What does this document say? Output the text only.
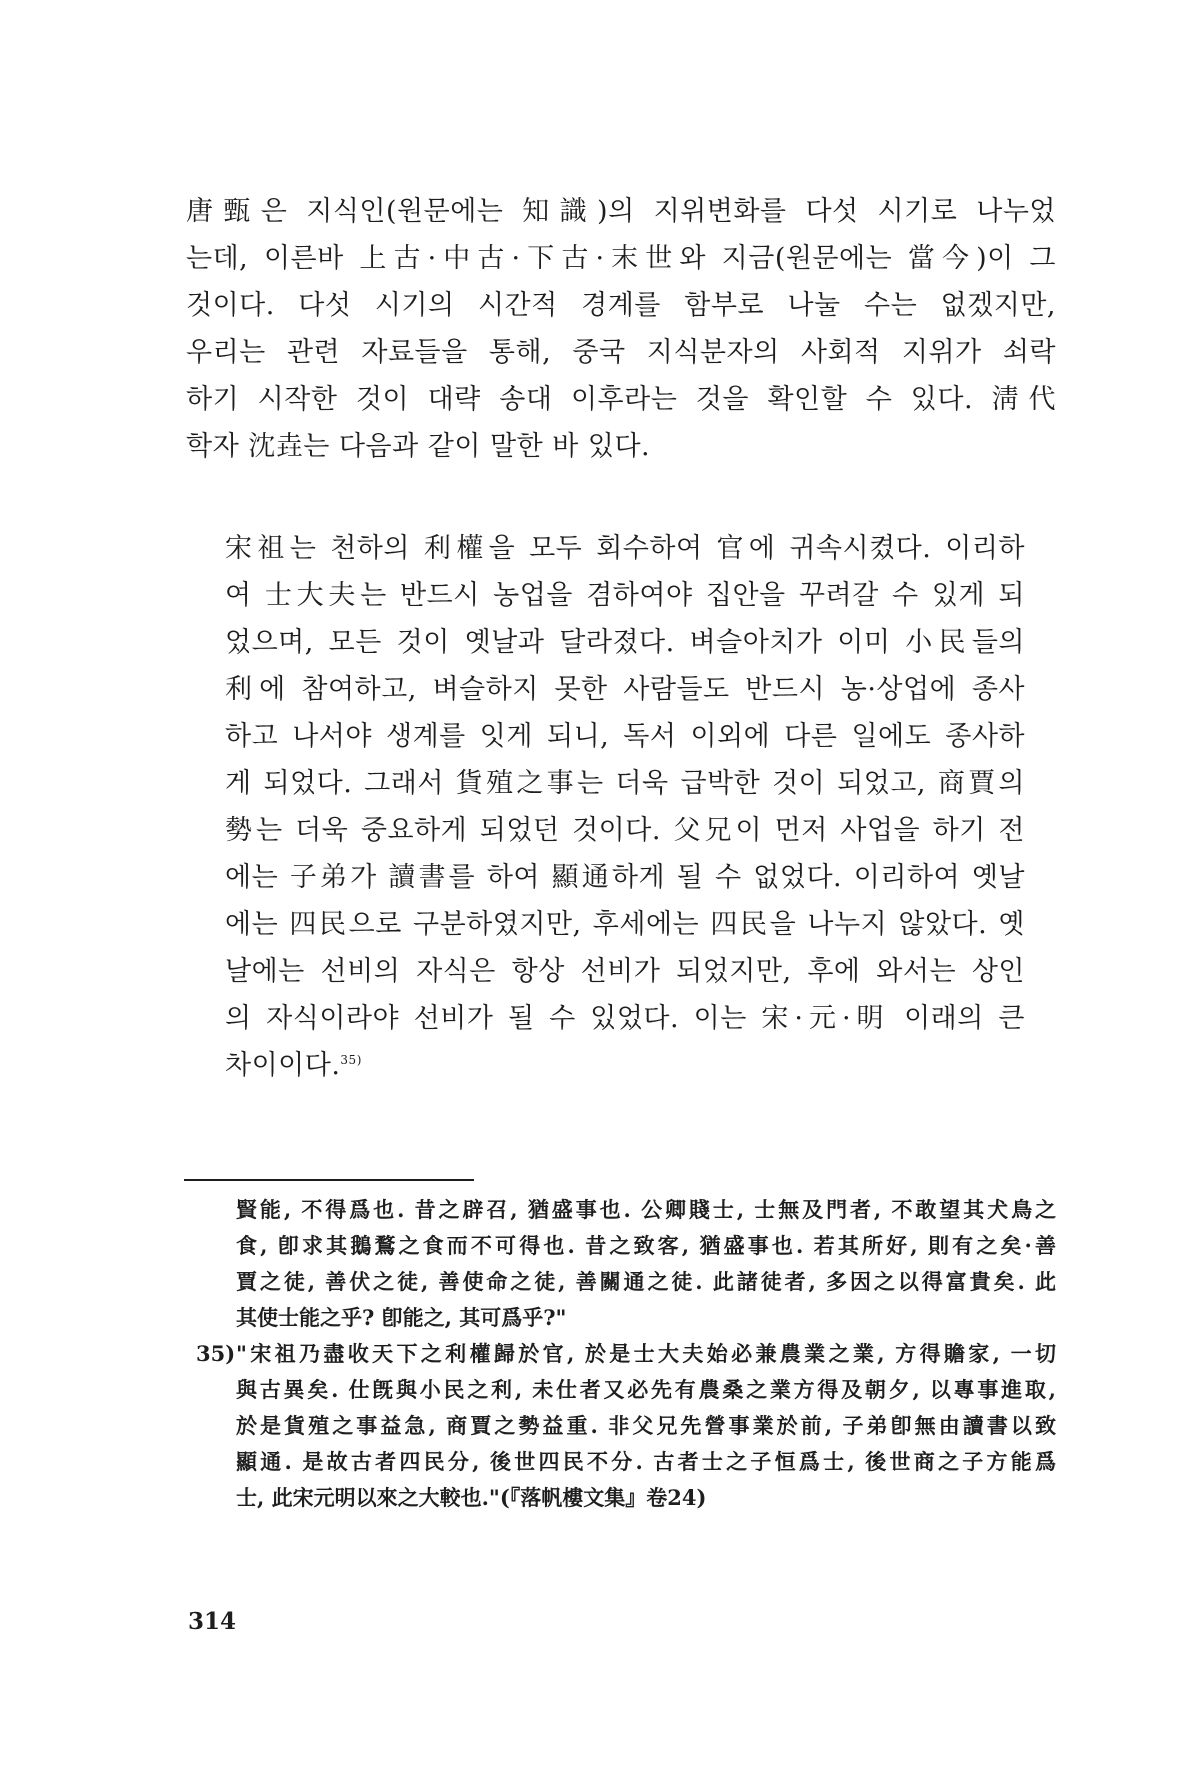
唐甄은 지식인(원문에는 知識)의 지위변화를 다섯 시기로 나누었
는데, 이른바 上古·中古·下古·末世와 지금(원문에는 當今)이 그
것이다. 다섯 시기의 시간적 경계를 함부로 나눌 수는 없겠지만,
우리는 관련 자료들을 통해, 중국 지식분자의 사회적 지위가 쇠락
하기 시작한 것이 대략 송대 이후라는 것을 확인할 수 있다. 淸代
학자 沈垚는 다음과 같이 말한 바 있다.
宋祖는 천하의 利權을 모두 회수하여 官에 귀속시켰다. 이리하
여 士大夫는 반드시 농업을 겸하여야 집안을 꾸려갈 수 있게 되
었으며, 모든 것이 옛날과 달라졌다. 벼슬아치가 이미 小民들의
利에 참여하고, 벼슬하지 못한 사람들도 반드시 농·상업에 종사
하고 나서야 생계를 잇게 되니, 독서 이외에 다른 일에도 종사하
게 되었다. 그래서 貨殖之事는 더욱 급박한 것이 되었고, 商賈의
勢는 더욱 중요하게 되었던 것이다. 父兄이 먼저 사업을 하기 전
에는 子弟가 讀書를 하여 顯通하게 될 수 없었다. 이리하여 옛날
에는 四民으로 구분하였지만, 후세에는 四民을 나누지 않았다. 옛
날에는 선비의 자식은 항상 선비가 되었지만, 후에 와서는 상인
의 자식이라야 선비가 될 수 있었다. 이는 宋·元·明 이래의 큰
차이이다.$^{35)}$
賢能, 不得爲也. 昔之辟召, 猶盛事也. 公卿賤士, 士無及門者, 不敢望其犬鳥之
食, 卽求其鵝鶩之食而不可得也. 昔之致客, 猶盛事也. 若其所好, 則有之矣·善
賈之徒, 善伏之徒, 善使命之徒, 善關通之徒. 此諸徒者, 多因之以得富貴矣. 此
其使士能之乎? 卽能之, 其可爲乎?"
35)"宋祖乃盡收天下之利權歸於官, 於是士大夫始必兼農業之業, 方得贍家, 一切
與古異矣. 仕旣與小民之利, 未仕者又必先有農桑之業方得及朝夕, 以專事進取,
於是貨殖之事益急, 商賈之勢益重. 非父兄先營事業於前, 子弟卽無由讀書以致
顯通. 是故古者四民分, 後世四民不分. 古者士之子恒爲士, 後世商之子方能爲
士, 此宋元明以來之大較也."(『落帆樓文集』卷24)
314
